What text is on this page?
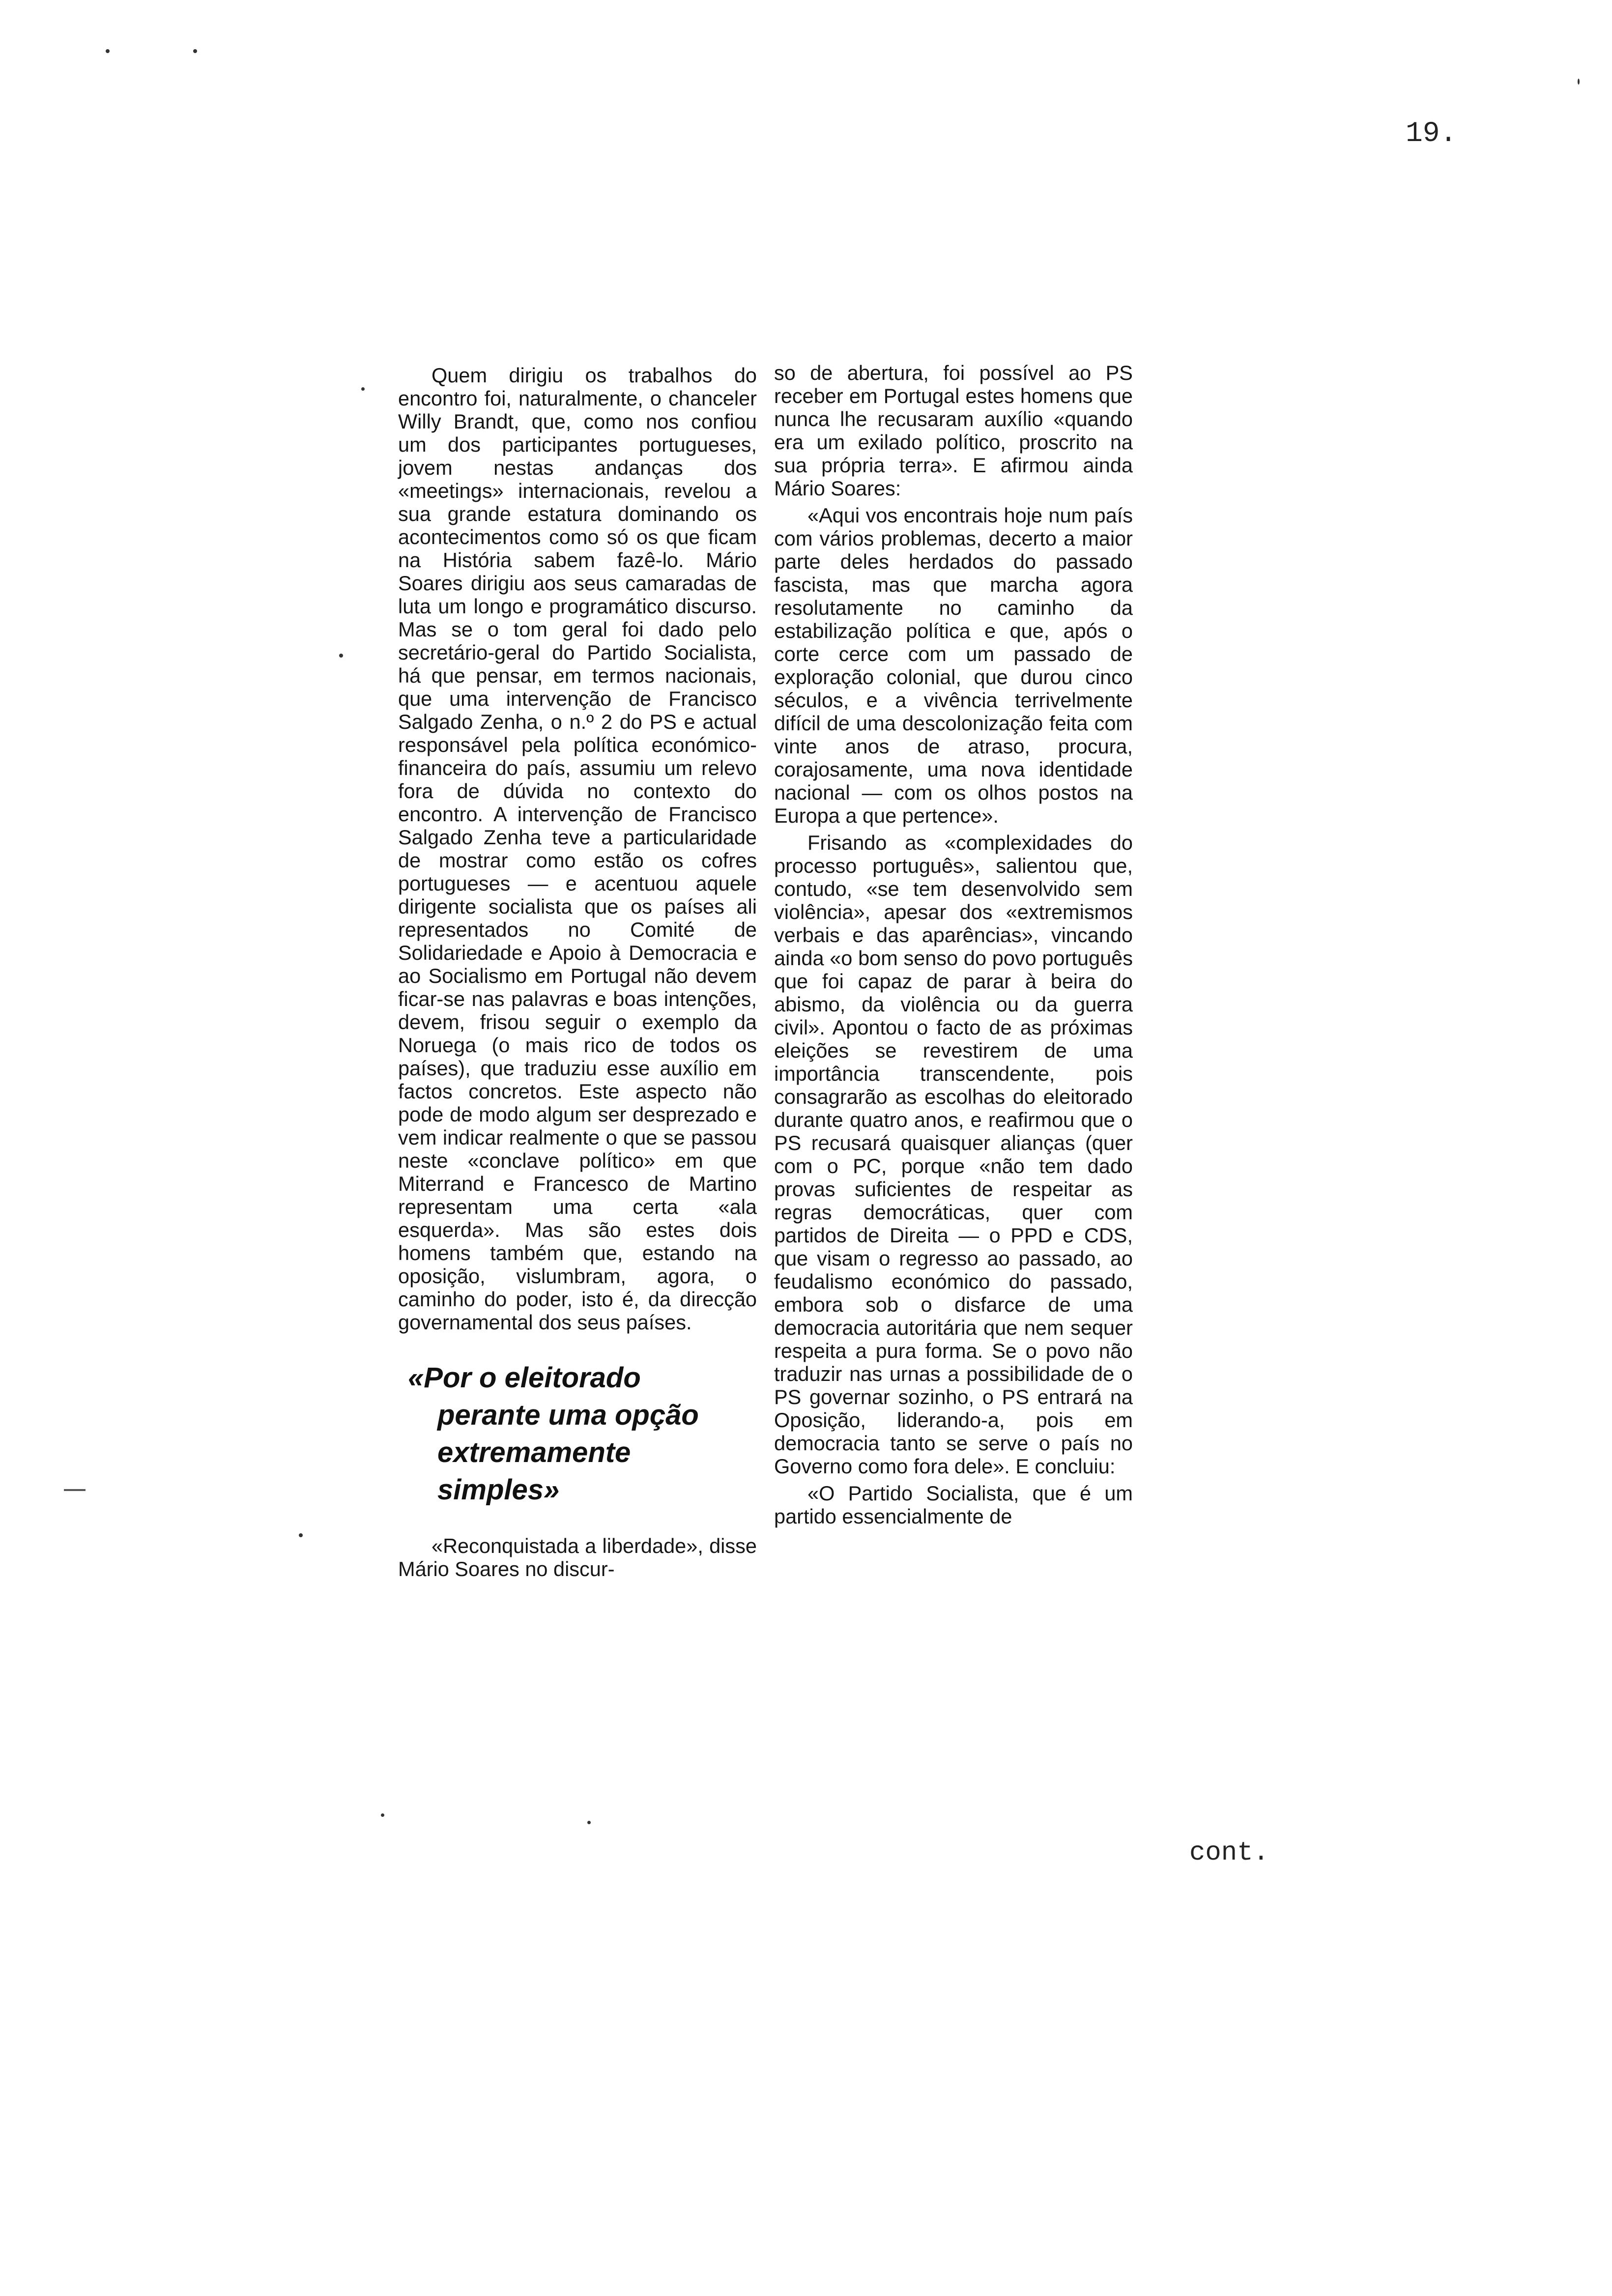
19.

Quem dirigiu os trabalhos do encontro foi, naturalmente, o chanceler Willy Brandt, que, como nos confiou um dos participantes portugueses, jovem nestas andanças dos «meetings» internacionais, revelou a sua grande estatura dominando os acontecimentos como só os que ficam na História sabem fazê-lo. Mário Soares dirigiu aos seus camaradas de luta um longo e programático discurso. Mas se o tom geral foi dado pelo secretário-geral do Partido Socialista, há que pensar, em termos nacionais, que uma intervenção de Francisco Salgado Zenha, o n.º 2 do PS e actual responsável pela política económico-financeira do país, assumiu um relevo fora de dúvida no contexto do encontro. A intervenção de Francisco Salgado Zenha teve a particularidade de mostrar como estão os cofres portugueses — e acentuou aquele dirigente socialista que os países ali representados no Comité de Solidariedade e Apoio à Democracia e ao Socialismo em Portugal não devem ficar-se nas palavras e boas intenções, devem, frisou seguir o exemplo da Noruega (o mais rico de todos os países), que traduziu esse auxílio em factos concretos. Este aspecto não pode de modo algum ser desprezado e vem indicar realmente o que se passou neste «conclave político» em que Miterrand e Francesco de Martino representam uma certa «ala esquerda». Mas são estes dois homens também que, estando na oposição, vislumbram, agora, o caminho do poder, isto é, da direcção governamental dos seus países.

«Por o eleitorado
perante uma opção
extremamente
simples»

«Reconquistada a liberdade», disse Mário Soares no discur-

so de abertura, foi possível ao PS receber em Portugal estes homens que nunca lhe recusaram auxílio «quando era um exilado político, proscrito na sua própria terra». E afirmou ainda Mário Soares:

«Aqui vos encontrais hoje num país com vários problemas, decerto a maior parte deles herdados do passado fascista, mas que marcha agora resolutamente no caminho da estabilização política e que, após o corte cerce com um passado de exploração colonial, que durou cinco séculos, e a vivência terrivelmente difícil de uma descolonização feita com vinte anos de atraso, procura, corajosamente, uma nova identidade nacional — com os olhos postos na Europa a que pertence».

Frisando as «complexidades do processo português», salientou que, contudo, «se tem desenvolvido sem violência», apesar dos «extremismos verbais e das aparências», vincando ainda «o bom senso do povo português que foi capaz de parar à beira do abismo, da violência ou da guerra civil». Apontou o facto de as próximas eleições se revestirem de uma importância transcendente, pois consagrarão as escolhas do eleitorado durante quatro anos, e reafirmou que o PS recusará quaisquer alianças (quer com o PC, porque «não tem dado provas suficientes de respeitar as regras democráticas, quer com partidos de Direita — o PPD e CDS, que visam o regresso ao passado, ao feudalismo económico do passado, embora sob o disfarce de uma democracia autoritária que nem sequer respeita a pura forma. Se o povo não traduzir nas urnas a possibilidade de o PS governar sozinho, o PS entrará na Oposição, liderando-a, pois em democracia tanto se serve o país no Governo como fora dele». E concluiu:

«O Partido Socialista, que é um partido essencialmente de

cont.
